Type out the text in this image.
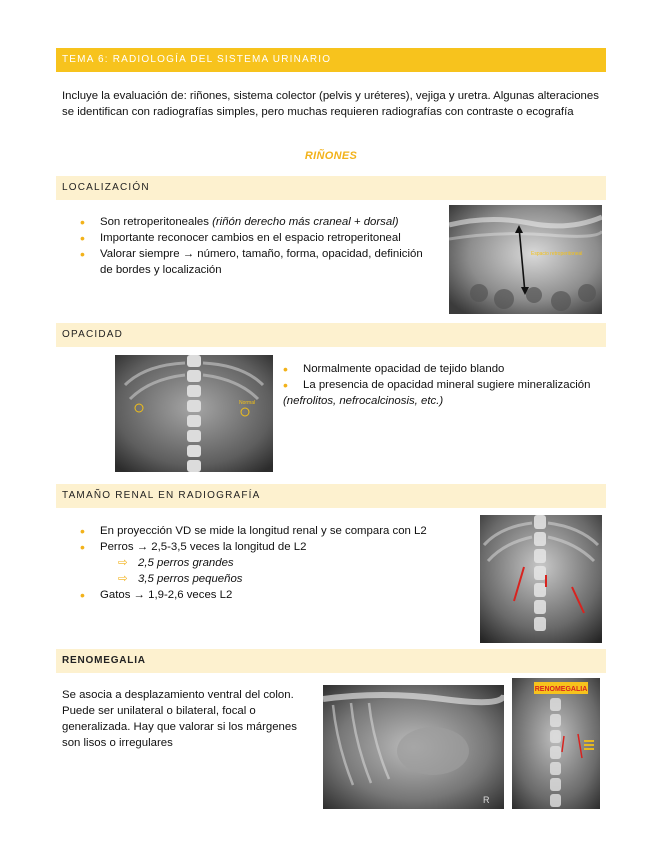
TEMA 6: RADIOLOGÍA DEL SISTEMA URINARIO
Incluye la evaluación de: riñones, sistema colector (pelvis y uréteres), vejiga y uretra. Algunas alteraciones se identifican con radiografías simples, pero muchas requieren radiografías con contraste o ecografía
RIÑONES
LOCALIZACIÓN
• Son retroperitoneales (riñón derecho más craneal + dorsal)
• Importante reconocer cambios en el espacio retroperitoneal
• Valorar siempre → número, tamaño, forma, opacidad, definición de bordes y localización
Espacio retroperitoneal
OPACIDAD
Normal
• Normalmente opacidad de tejido blando
• La presencia de opacidad mineral sugiere mineralización
(nefrolitos, nefrocalcinosis, etc.)
TAMAÑO RENAL EN RADIOGRAFÍA
• En proyección VD se mide la longitud renal y se compara con L2
• Perros → 2,5-3,5 veces la longitud de L2
⇨ 2,5 perros grandes
⇨ 3,5 perros pequeños
• Gatos → 1,9-2,6 veces L2
RENOMEGALIA
Se asocia a desplazamiento ventral del colon. Puede ser unilateral o bilateral, focal o generalizada. Hay que valorar si los márgenes son lisos o irregulares
R
RENOMEGALIA
